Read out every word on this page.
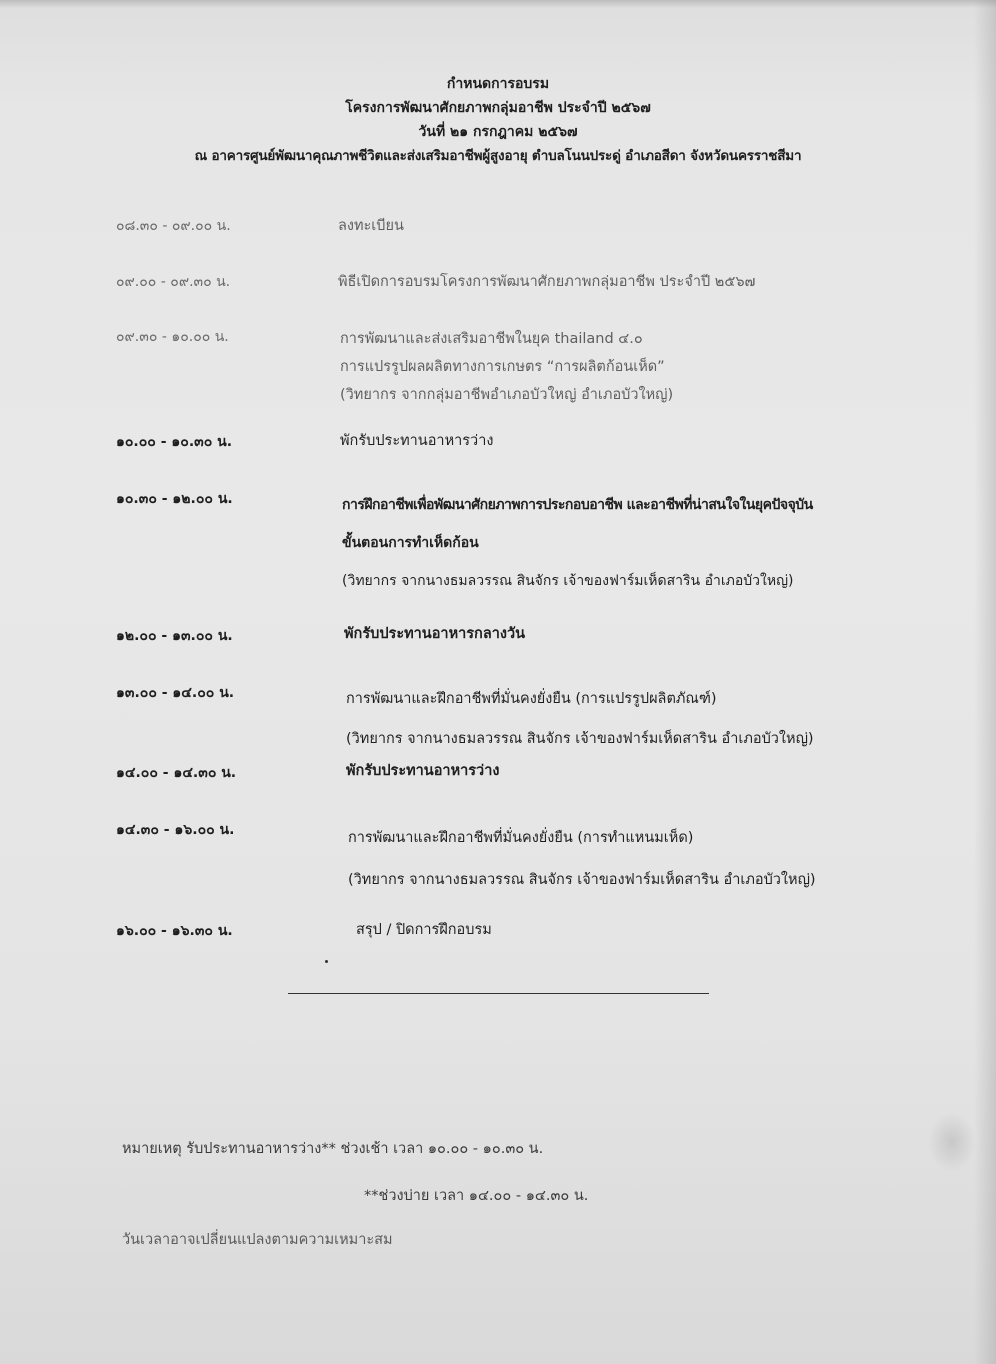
กำหนดการอบรม
โครงการพัฒนาศักยภาพกลุ่มอาชีพ ประจำปี ๒๕๖๗
วันที่ ๒๑ กรกฎาคม ๒๕๖๗
ณ อาคารศูนย์พัฒนาคุณภาพชีวิตและส่งเสริมอาชีพผู้สูงอายุ ตำบลโนนประดู่ อำเภอสีดา จังหวัดนครราชสีมา
๐๘.๓๐ - ๐๙.๐๐ น.	ลงทะเบียน
๐๙.๐๐ - ๐๙.๓๐ น.	พิธีเปิดการอบรมโครงการพัฒนาศักยภาพกลุ่มอาชีพ ประจำปี ๒๕๖๗
๐๙.๓๐ - ๑๐.๐๐ น.	การพัฒนาและส่งเสริมอาชีพในยุค thailand ๔.๐
การแปรรูปผลผลิตทางการเกษตร “การผลิตก้อนเห็ด”
(วิทยากร จากกลุ่มอาชีพอำเภอบัวใหญ่ อำเภอบัวใหญ่)
๑๐.๐๐ - ๑๐.๓๐ น.	พักรับประทานอาหารว่าง
๑๐.๓๐ - ๑๒.๐๐ น.	การฝึกอาชีพเพื่อพัฒนาศักยภาพการประกอบอาชีพ และอาชีพที่น่าสนใจในยุคปัจจุบัน
ขั้นตอนการทำเห็ดก้อน
(วิทยากร จากนางธมลวรรณ สินจักร เจ้าของฟาร์มเห็ดสาริน อำเภอบัวใหญ่)
๑๒.๐๐ - ๑๓.๐๐ น.	พักรับประทานอาหารกลางวัน
๑๓.๐๐ - ๑๔.๐๐ น.	การพัฒนาและฝึกอาชีพที่มั่นคงยั่งยืน (การแปรรูปผลิตภัณฑ์)
(วิทยากร จากนางธมลวรรณ สินจักร เจ้าของฟาร์มเห็ดสาริน อำเภอบัวใหญ่)
๑๔.๐๐ - ๑๔.๓๐ น.	พักรับประทานอาหารว่าง
๑๔.๓๐ - ๑๖.๐๐ น.	การพัฒนาและฝึกอาชีพที่มั่นคงยั่งยืน (การทำแหนมเห็ด)
(วิทยากร จากนางธมลวรรณ สินจักร เจ้าของฟาร์มเห็ดสาริน อำเภอบัวใหญ่)
๑๖.๐๐ - ๑๖.๓๐ น.	สรุป / ปิดการฝึกอบรม
หมายเหตุ รับประทานอาหารว่าง** ช่วงเช้า เวลา ๑๐.๐๐ - ๑๐.๓๐ น.
**ช่วงบ่าย เวลา ๑๔.๐๐ - ๑๔.๓๐ น.
วันเวลาอาจเปลี่ยนแปลงตามความเหมาะสม
